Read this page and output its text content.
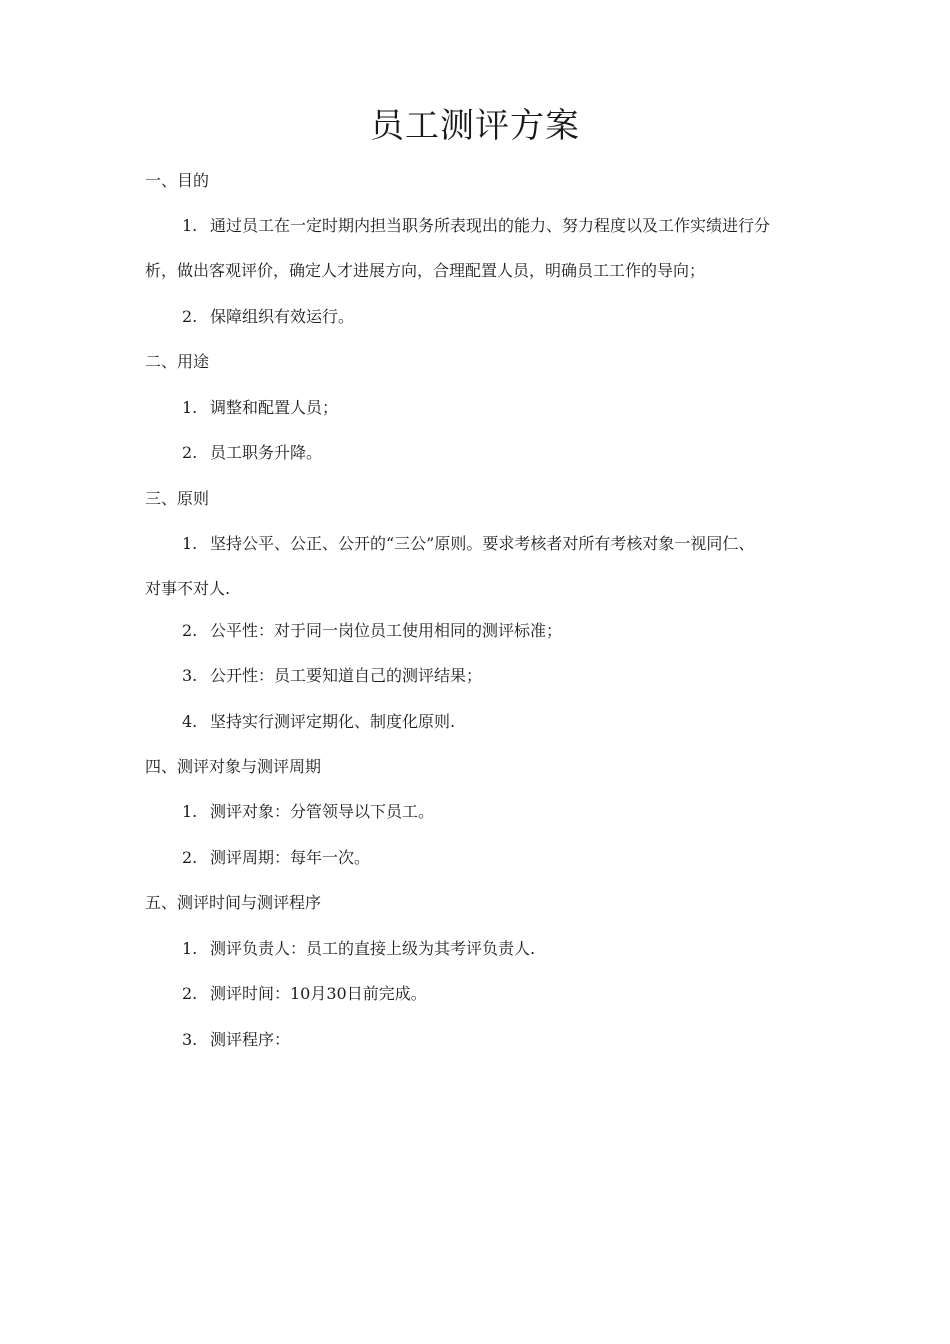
员工测评方案
一、目的
1. 通过员工在一定时期内担当职务所表现出的能力、努力程度以及工作实绩进行分
析，做出客观评价，确定人才进展方向，合理配置人员，明确员工工作的导向；
2. 保障组织有效运行。
二、用途
1. 调整和配置人员；
2. 员工职务升降。
三、原则
1. 坚持公平、公正、公开的“三公”原则。要求考核者对所有考核对象一视同仁、
对事不对人.
2. 公平性：对于同一岗位员工使用相同的测评标准；
3. 公开性：员工要知道自己的测评结果；
4. 坚持实行测评定期化、制度化原则.
四、测评对象与测评周期
1. 测评对象：分管领导以下员工。
2. 测评周期：每年一次。
五、测评时间与测评程序
1. 测评负责人：员工的直接上级为其考评负责人.
2. 测评时间：10月30日前完成。
3. 测评程序：
